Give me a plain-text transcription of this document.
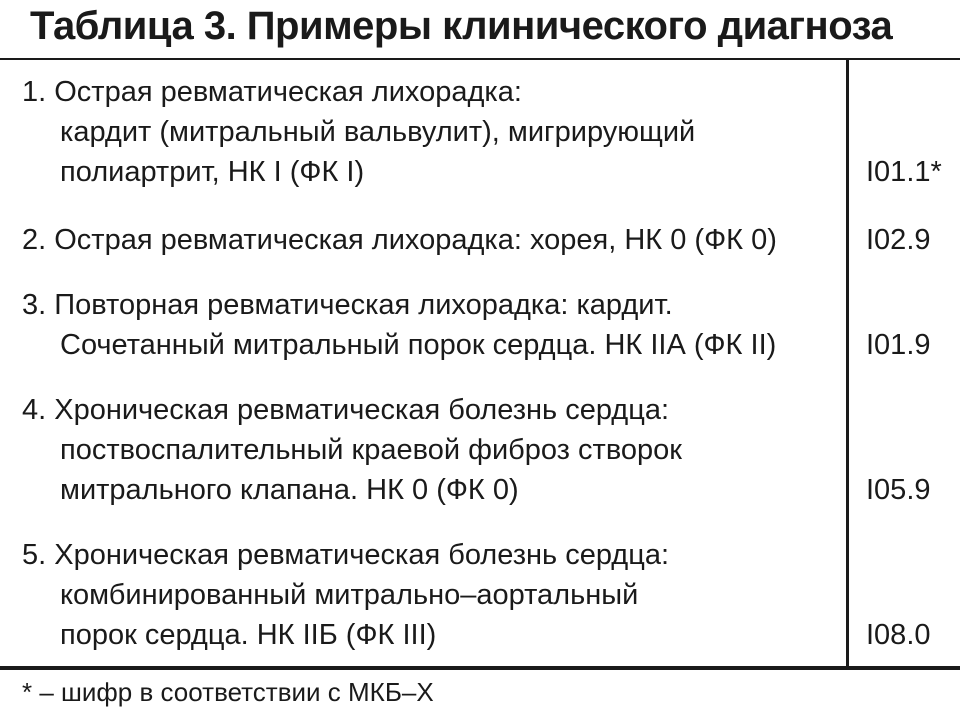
Таблица 3. Примеры клинического диагноза
1. Острая ревматическая лихорадка:
кардит (митральный вальвулит), мигрирующий
полиартрит, НК I (ФК I)	I01.1*
2. Острая ревматическая лихорадка: хорея, НК 0 (ФК 0)	I02.9
3. Повторная ревматическая лихорадка: кардит.
Сочетанный митральный порок сердца. НК IIА (ФК II)	I01.9
4. Хроническая ревматическая болезнь сердца:
поствоспалительный краевой фиброз створок
митрального клапана. НК 0 (ФК 0)	I05.9
5. Хроническая ревматическая болезнь сердца:
комбинированный митрально–аортальный
порок сердца. НК IIБ (ФК III)	I08.0
* – шифр в соответствии с МКБ–Х
